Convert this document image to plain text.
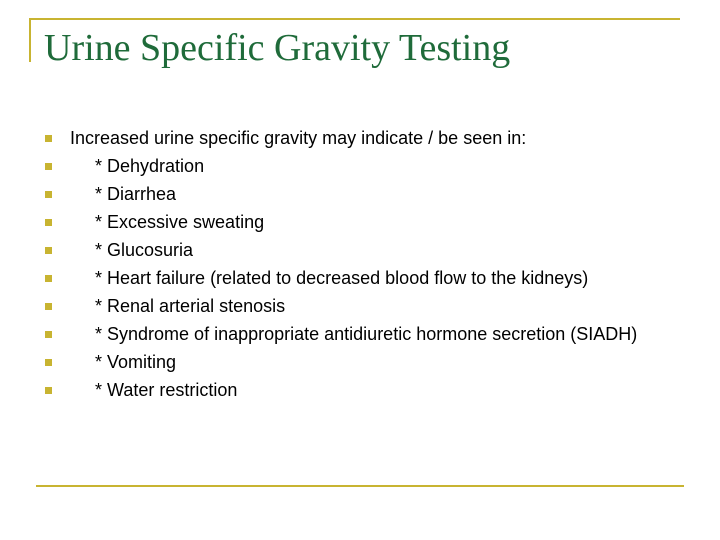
Urine Specific Gravity Testing
Increased urine specific gravity may indicate / be seen in:
* Dehydration
* Diarrhea
* Excessive sweating
* Glucosuria
* Heart failure (related to decreased blood flow to the kidneys)
* Renal arterial stenosis
* Syndrome of inappropriate antidiuretic hormone secretion (SIADH)
* Vomiting
* Water restriction
